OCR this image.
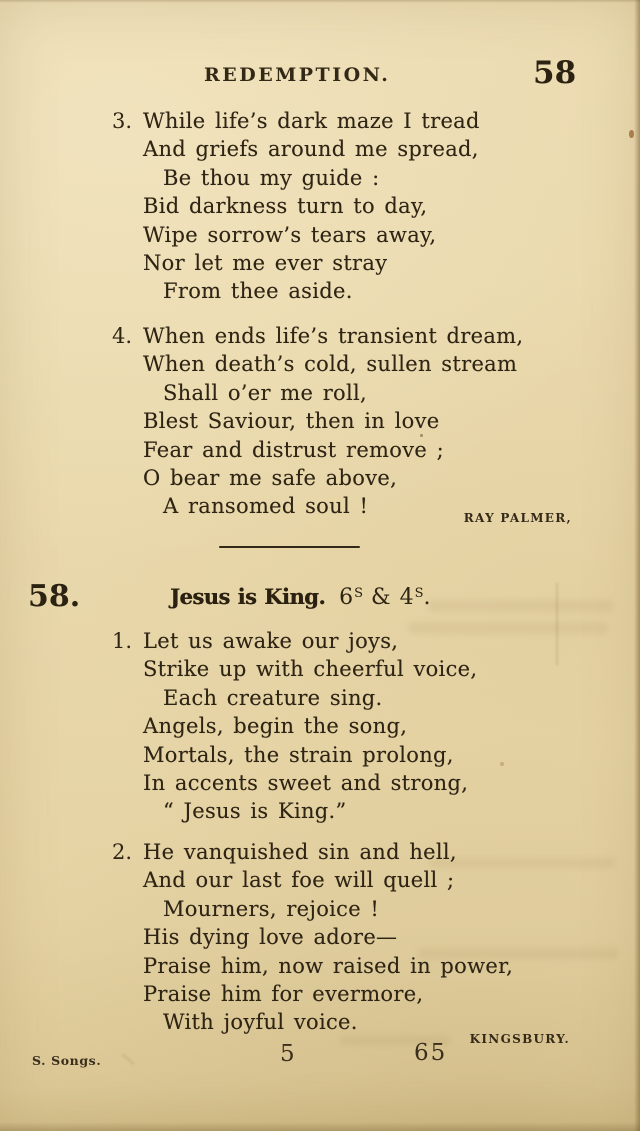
REDEMPTION.	58
3. While life’s dark maze I tread
And griefs around me spread,
Be thou my guide :
Bid darkness turn to day,
Wipe sorrow’s tears away,
Nor let me ever stray
From thee aside.
4. When ends life’s transient dream,
When death’s cold, sullen stream
Shall o’er me roll,
Blest Saviour, then in love
Fear and distrust remove ;
O bear me safe above,
A ransomed soul !	RAY PALMER,
58.	Jesus is King. $6^S$ & $4^S$.
1. Let us awake our joys,
Strike up with cheerful voice,
Each creature sing.
Angels, begin the song,
Mortals, the strain prolong,
In accents sweet and strong,
“ Jesus is King.”
2. He vanquished sin and hell,
And our last foe will quell ;
Mourners, rejoice !
His dying love adore—
Praise him, now raised in power,
Praise him for evermore,
With joyful voice.
KINGSBURY.
S. Songs.	5	65
